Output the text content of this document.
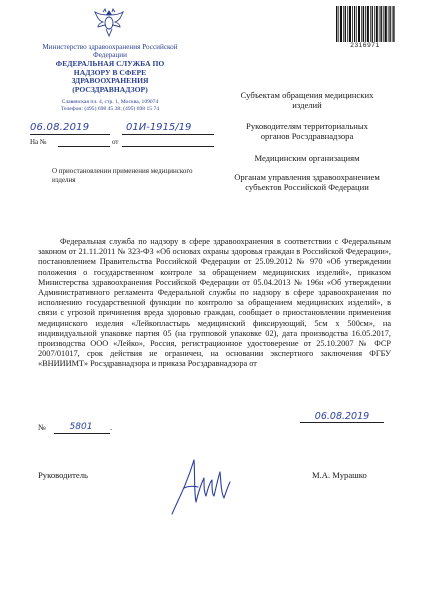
Министерство здравоохранения Российской Федерации
ФЕДЕРАЛЬНАЯ СЛУЖБА ПО НАДЗОРУ В СФЕРЕ ЗДРАВООХРАНЕНИЯ (РОСЗДРАВНАДЗОР)
Славянская пл. 4, стр. 1, Москва, 109074
Телефон: (495) 698 45 38; (495) 698 15 74
06.08.2019	01И-1915/19
На №	от
О приостановлении применения медицинского изделия
2316971
Субъектам обращения медицинских изделий
Руководителям территориальных органов Росздравнадзора
Медицинским организациям
Органам управления здравоохранением субъектов Российской Федерации

Федеральная служба по надзору в сфере здравоохранения в соответствии с Федеральным законом от 21.11.2011 № 323-ФЗ «Об основах охраны здоровья граждан в Российской Федерации», постановлением Правительства Российской Федерации от 25.09.2012 № 970 «Об утверждении положения о государственном контроле за обращением медицинских изделий», приказом Министерства здравоохранения Российской Федерации от 05.04.2013 № 196н «Об утверждении Административного регламента Федеральной службы по надзору в сфере здравоохранения по исполнению государственной функции по контролю за обращением медицинских изделий», в связи с угрозой причинения вреда здоровью граждан, сообщает о приостановлении применения медицинского изделия «Лейкопластырь медицинский фиксирующий, 5см х 500см», на индивидуальной упаковке партия 05 (на групповой упаковке 02), дата производства 16.05.2017, производства ООО «Лейко», Россия, регистрационное удостоверение от 25.10.2007 № ФСР 2007/01017, срок действия не ограничен, на основании экспертного заключения ФГБУ «ВНИИИМТ» Росздравнадзора и приказа Росздравнадзора от

06.08.2019
№	5801	.
Руководитель	М.А. Мурашко
